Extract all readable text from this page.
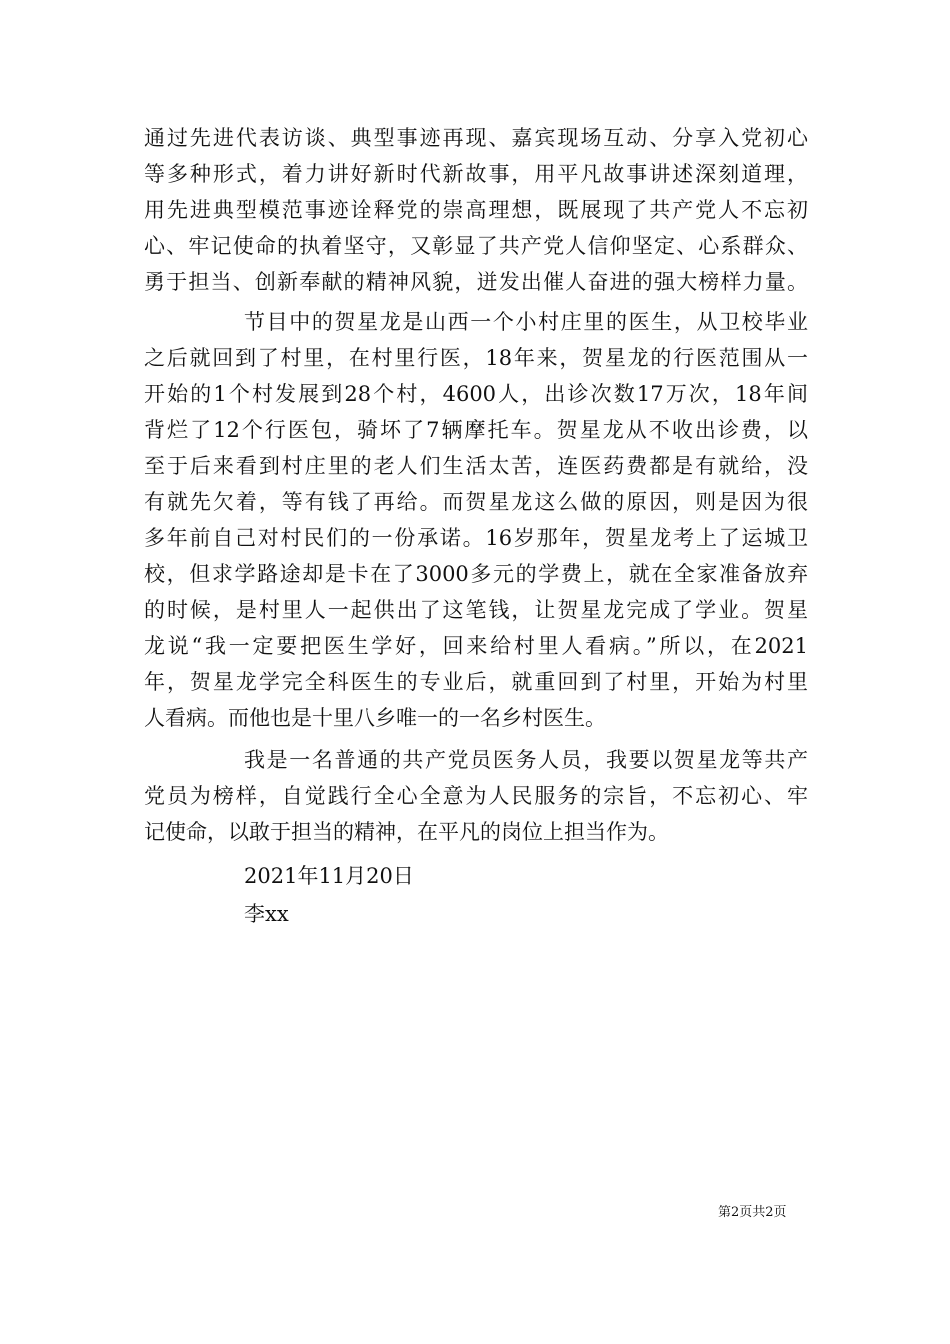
通过先进代表访谈、典型事迹再现、嘉宾现场互动、分享入党初心
等多种形式，着力讲好新时代新故事，用平凡故事讲述深刻道理，
用先进典型模范事迹诠释党的崇高理想，既展现了共产党人不忘初
心、牢记使命的执着坚守，又彰显了共产党人信仰坚定、心系群众、
勇于担当、创新奉献的精神风貌，迸发出催人奋进的强大榜样力量。
节目中的贺星龙是山西一个小村庄里的医生，从卫校毕业
之后就回到了村里，在村里行医，18年来，贺星龙的行医范围从一
开始的1个村发展到28个村，4600人，出诊次数17万次，18年间
背烂了12个行医包，骑坏了7辆摩托车。贺星龙从不收出诊费，以
至于后来看到村庄里的老人们生活太苦，连医药费都是有就给，没
有就先欠着，等有钱了再给。而贺星龙这么做的原因，则是因为很
多年前自己对村民们的一份承诺。16岁那年，贺星龙考上了运城卫
校，但求学路途却是卡在了3000多元的学费上，就在全家准备放弃
的时候，是村里人一起供出了这笔钱，让贺星龙完成了学业。贺星
龙说“我一定要把医生学好，回来给村里人看病。”所以，在2021
年，贺星龙学完全科医生的专业后，就重回到了村里，开始为村里
人看病。而他也是十里八乡唯一的一名乡村医生。
我是一名普通的共产党员医务人员，我要以贺星龙等共产
党员为榜样，自觉践行全心全意为人民服务的宗旨，不忘初心、牢
记使命，以敢于担当的精神，在平凡的岗位上担当作为。
2021年11月20日
李xx
第2页共2页
